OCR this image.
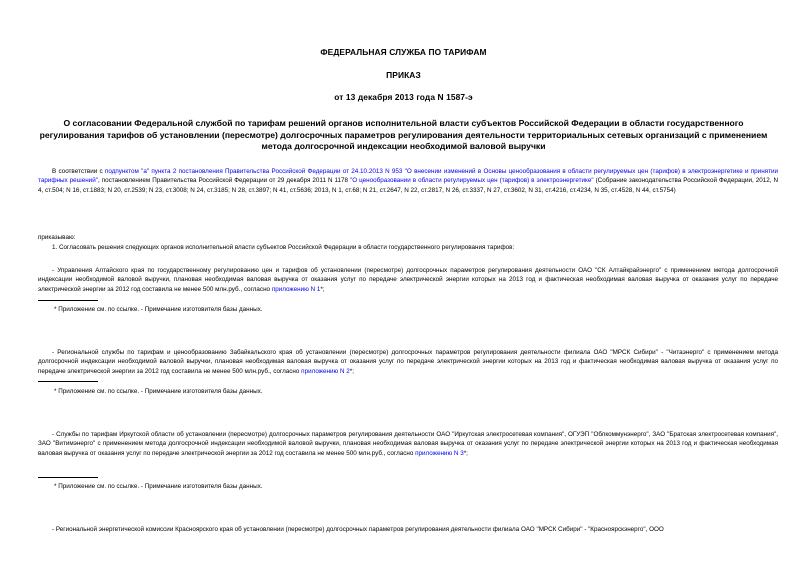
ФЕДЕРАЛЬНАЯ СЛУЖБА ПО ТАРИФАМ
ПРИКАЗ
от 13 декабря 2013 года N 1587-э
О согласовании Федеральной службой по тарифам решений органов исполнительной власти субъектов Российской Федерации в области государственного регулирования тарифов об установлении (пересмотре) долгосрочных параметров регулирования деятельности территориальных сетевых организаций с применением метода долгосрочной индексации необходимой валовой выручки
В соответствии с подпунктом "а" пункта 2 постановления Правительства Российской Федерации от 24.10.2013 N 953 "О внесении изменений в Основы ценообразования в области регулируемых цен (тарифов) в электроэнергетике и принятии тарифных решений", постановлением Правительства Российской Федерации от 29 декабря 2011 N 1178 "О ценообразовании в области регулируемых цен (тарифов) в электроэнергетике" (Собрание законодательства Российской Федерации, 2012, N 4, ст.504; N 16, ст.1883; N 20, ст.2539; N 23, ст.3008; N 24, ст.3185; N 28, ст.3897; N 41, ст.5636; 2013, N 1, ст.68; N 21, ст.2647, N 22, ст.2817, N 26, ст.3337, N 27, ст.3602, N 31, ст.4216, ст.4234, N 35, ст.4528, N 44, ст.5754)
приказываю:
1. Согласовать решения следующих органов исполнительной власти субъектов Российской Федерации в области государственного регулирования тарифов:
- Управления Алтайского края по государственному регулированию цен и тарифов об установлении (пересмотре) долгосрочных параметров регулирования деятельности ОАО "СК Алтайкрайэнерго" с применением метода долгосрочной индексации необходимой валовой выручки, плановая необходимая валовая выручка от оказания услуг по передаче электрической энергии которых на 2013 год и фактическая необходимая валовая выручка от оказания услуг по передаче электрической энергии за 2012 год составила не менее 500 млн.руб., согласно приложению N 1*;
* Приложение см. по ссылке. - Примечание изготовителя базы данных.
- Региональной службы по тарифам и ценообразованию Забайкальского края об установлении (пересмотре) долгосрочных параметров регулирования деятельности филиала ОАО "МРСК Сибири" - "Читаэнерго" с применением метода долгосрочной индексации необходимой валовой выручки, плановая необходимая валовая выручка от оказания услуг по передаче электрической энергии которых на 2013 год и фактическая необходимая валовая выручка от оказания услуг по передаче электрической энергии за 2012 год составила не менее 500 млн.руб., согласно приложению N 2*;
* Приложение см. по ссылке. - Примечание изготовителя базы данных.
- Службы по тарифам Иркутской области об установлении (пересмотре) долгосрочных параметров регулирования деятельности ОАО "Иркутская электросетевая компания", ОГУЭП "Облкоммунэнерго", ЗАО "Братская электросетевая компания", ЗАО "Витимэнерго" с применением метода долгосрочной индексации необходимой валовой выручки, плановая необходимая валовая выручка от оказания услуг по передаче электрической энергии которых на 2013 год и фактическая необходимая валовая выручка от оказания услуг по передаче электрической энергии за 2012 год составила не менее 500 млн.руб., согласно приложению N 3*;
* Приложение см. по ссылке. - Примечание изготовителя базы данных.
- Региональной энергетической комиссии Красноярского края об установлении (пересмотре) долгосрочных параметров регулирования деятельности филиала ОАО "МРСК Сибири" - "Красноярскэнерго", ООО
